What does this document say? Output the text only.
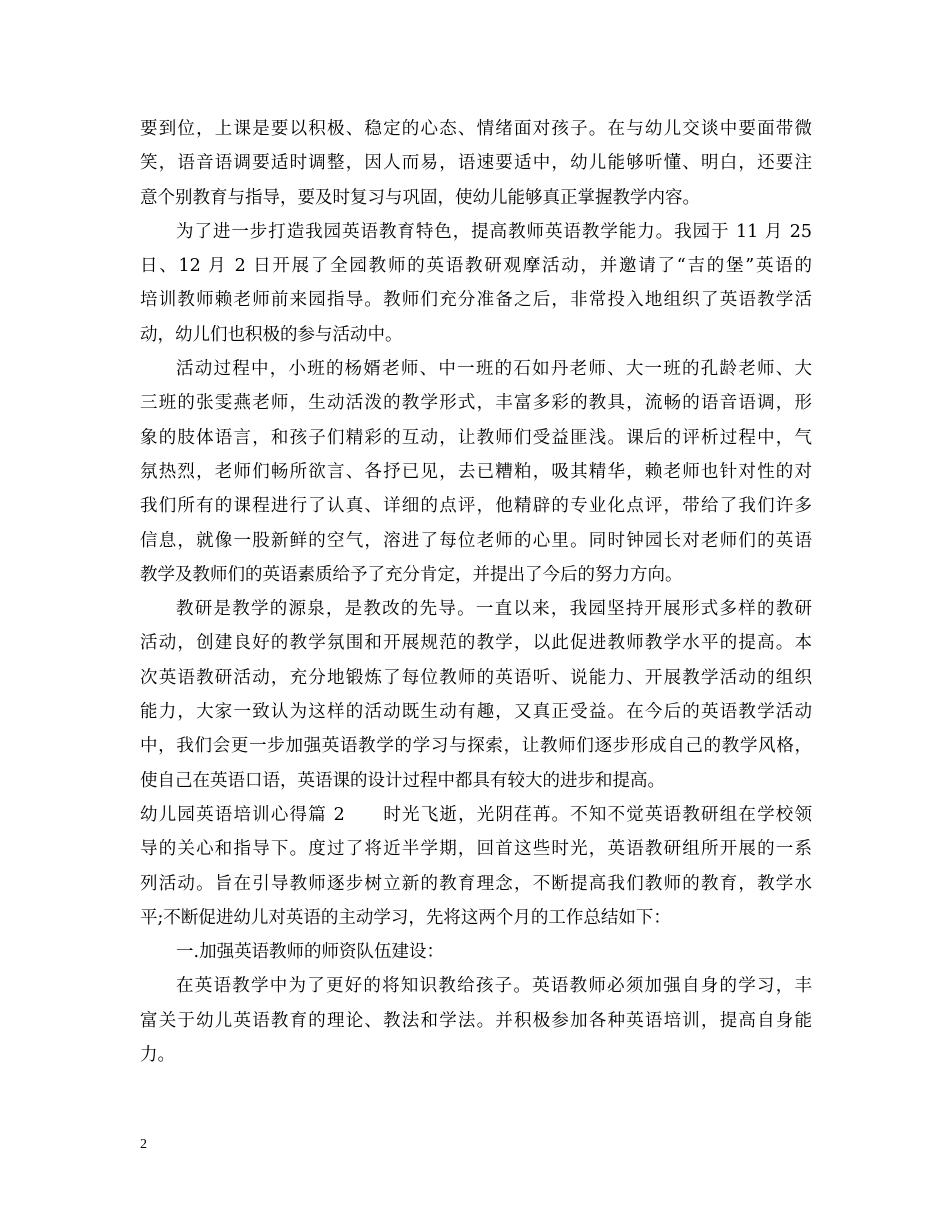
要到位，上课是要以积极、稳定的心态、情绪面对孩子。在与幼儿交谈中要面带微
笑，语音语调要适时调整，因人而易，语速要适中，幼儿能够听懂、明白，还要注
意个别教育与指导，要及时复习与巩固，使幼儿能够真正掌握教学内容。
为了进一步打造我园英语教育特色，提高教师英语教学能力。我园于 11 月 25
日、12 月 2 日开展了全园教师的英语教研观摩活动，并邀请了“吉的堡”英语的
培训教师赖老师前来园指导。教师们充分准备之后，非常投入地组织了英语教学活
动，幼儿们也积极的参与活动中。
活动过程中，小班的杨婿老师、中一班的石如丹老师、大一班的孔龄老师、大
三班的张雯燕老师，生动活泼的教学形式，丰富多彩的教具，流畅的语音语调，形
象的肢体语言，和孩子们精彩的互动，让教师们受益匪浅。课后的评析过程中，气
氛热烈，老师们畅所欲言、各抒已见，去已糟粕，吸其精华，赖老师也针对性的对
我们所有的课程进行了认真、详细的点评，他精辟的专业化点评，带给了我们许多
信息，就像一股新鲜的空气，溶进了每位老师的心里。同时钟园长对老师们的英语
教学及教师们的英语素质给予了充分肯定，并提出了今后的努力方向。
教研是教学的源泉，是教改的先导。一直以来，我园坚持开展形式多样的教研
活动，创建良好的教学氛围和开展规范的教学，以此促进教师教学水平的提高。本
次英语教研活动，充分地锻炼了每位教师的英语听、说能力、开展教学活动的组织
能力，大家一致认为这样的活动既生动有趣，又真正受益。在今后的英语教学活动
中，我们会更一步加强英语教学的学习与探索，让教师们逐步形成自己的教学风格，
使自己在英语口语，英语课的设计过程中都具有较大的进步和提高。
幼儿园英语培训心得篇 2　　时光飞逝，光阴荏苒。不知不觉英语教研组在学校领
导的关心和指导下。度过了将近半学期，回首这些时光，英语教研组所开展的一系
列活动。旨在引导教师逐步树立新的教育理念，不断提高我们教师的教育，教学水
平;不断促进幼儿对英语的主动学习，先将这两个月的工作总结如下：
一.加强英语教师的师资队伍建设：
在英语教学中为了更好的将知识教给孩子。英语教师必须加强自身的学习，丰
富关于幼儿英语教育的理论、教法和学法。并积极参加各种英语培训，提高自身能
力。
2
